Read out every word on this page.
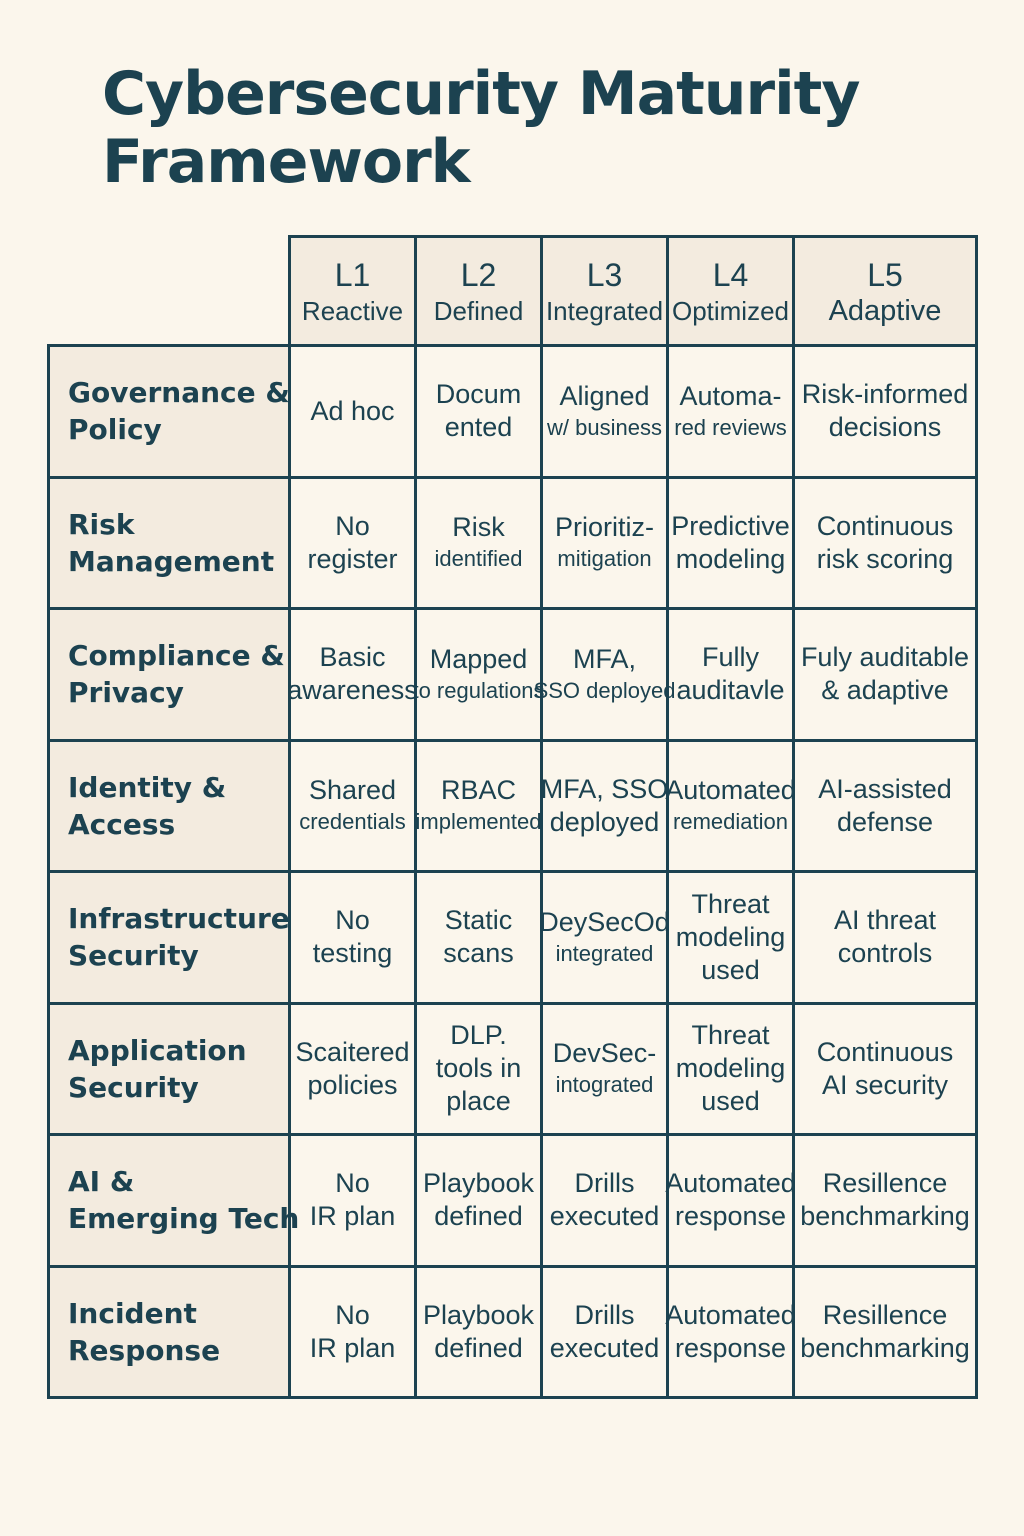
Cybersecurity Maturity
Framework
L1
Reactive
L2
Defined
L3
Integrated
L4
Optimized
L5
Adaptive
Governance &
Policy
Ad hoc
Docum
ented
Aligned
w/ business
Automa-
red reviews
Risk-informed
decisions
Risk
Management
No
register
Risk
identified
Prioritiz-
mitigation
Predictive
modeling
Continuous
risk scoring
Compliance &
Privacy
Basic
awareness
Mapped
to regulations
MFA,
SSO deployed
Fully
auditavle
Fuly auditable
& adaptive
Identity &
Access
Shared
credentials
RBAC
implemented
MFA, SSO
deployed
Automated
remediation
AI-assisted
defense
Infrastructure
Security
No
testing
Static
scans
DeySecOd
integrated
Threat
modeling
used
AI threat
controls
Application
Security
Scaitered
policies
DLP.
tools in
place
DevSec-
intograted
Threat
modeling
used
Continuous
AI security
AI &
Emerging Tech
No
IR plan
Playbook
defined
Drills
executed
Automated
response
Resillence
benchmarking
Incident
Response
No
IR plan
Playbook
defined
Drills
executed
Automated
response
Resillence
benchmarking
